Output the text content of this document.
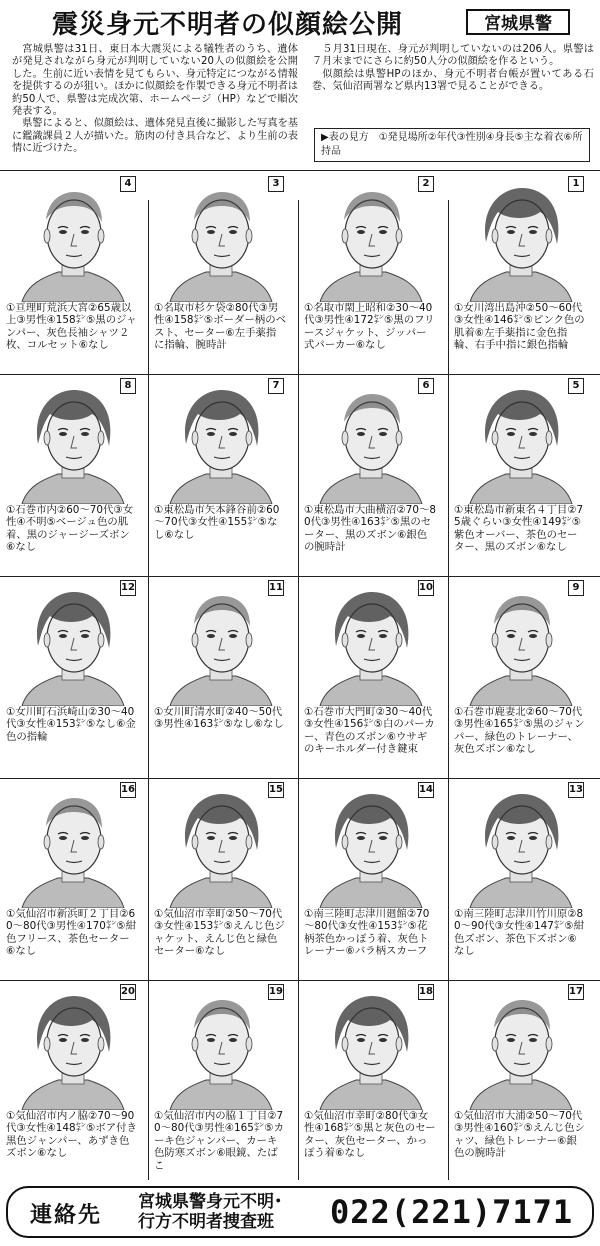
震災身元不明者の似顔絵公開	宮城県警

宮城県警は31日、東日本大震災による犠牲者のうち、遺体が発見されながら身元が判明していない20人の似顔絵を公開した。生前に近い表情を見てもらい、身元特定につながる情報を提供するのが狙い。ほかに似顔絵を作製できる身元不明者は約50人で、県警は完成次第、ホームページ（HP）などで順次発表する。

県警によると、似顔絵は、遺体発見直後に撮影した写真を基に鑑識課員２人が描いた。筋肉の付き具合など、より生前の表情に近づけた。

５月31日現在、身元が判明していないのは206人。県警は７月末までにさらに約50人分の似顔絵を作るという。

似顔絵は県警HPのほか、身元不明者台帳が置いてある石巻、気仙沼両署など県内13署で見ることができる。

▶表の見方　①発見場所②年代③性別④身長⑤主な着衣⑥所持品
4
①亘理町荒浜大宮②65歳以上③男性④158㌢⑤黒のジャンパー、灰色長袖シャツ２枚、コルセット⑥なし
3
①名取市杉ケ袋②80代③男性④158㌢⑤ボーダー柄のベスト、セーター⑥左手薬指に指輪、腕時計
2
①名取市閖上昭和②30～40代③男性④172㌢⑤黒のフリースジャケット、ジッパー式パーカー⑥なし
1
①女川湾出島沖②50～60代③女性④146㌢⑤ピンク色の肌着⑥左手薬指に金色指輪、右手中指に銀色指輪
8
①石巻市内②60～70代③女性④不明⑤ベージュ色の肌着、黒のジャージーズボン⑥なし
7
①東松島市矢本鋒谷前②60～70代③女性④155㌢⑤なし⑥なし
6
①東松島市大曲横沼②70～80代③男性④163㌢⑤黒のセーター、黒のズボン⑥銀色の腕時計
5
①東松島市新東名４丁目②75歳ぐらい③女性④149㌢⑤紫色オーバー、茶色のセーター、黒のズボン⑥なし
12
①女川町石浜崎山②30～40代③女性④153㌢⑤なし⑥金色の指輪
11
①女川町清水町②40～50代③男性④163㌢⑤なし⑥なし
10
①石巻市大門町②30～40代③女性④156㌢⑤白のパーカー、青色のズボン⑥ウサギのキーホルダー付き鍵束
9
①石巻市鹿妻北②60～70代③男性④165㌢⑤黒のジャンパー、緑色のトレーナー、灰色ズボン⑥なし
16
①気仙沼市新浜町２丁目②60～80代③男性④170㌢⑤紺色フリース、茶色セーター⑥なし
15
①気仙沼市幸町②50～70代③女性④153㌢⑤えんじ色ジャケット、えんじ色と緑色セーター⑥なし
14
①南三陸町志津川廻館②70～80代③女性④153㌢⑤花柄茶色かっぽう着、灰色トレーナー⑥バラ柄スカーフ
13
①南三陸町志津川竹川原②80～90代③女性④147㌢⑤紺色ズボン、茶色下ズボン⑥なし
20
①気仙沼市内ノ脇②70～90代③女性④148㌢⑤ボア付き黒色ジャンパー、あずき色ズボン⑥なし
19
①気仙沼市内の脇１丁目②70～80代③男性④165㌢⑤カーキ色ジャンパー、カーキ色防寒ズボン⑥眼鏡、たばこ
18
①気仙沼市幸町②80代③女性④168㌢⑤黒と灰色のセーター、灰色セーター、かっぽう着⑥なし
17
①気仙沼市大浦②50～70代③男性④160㌢⑤えんじ色シャツ、緑色トレーナー⑥銀色の腕時計
連絡先
宮城県警身元不明･
行方不明者捜査班	022(221)7171
